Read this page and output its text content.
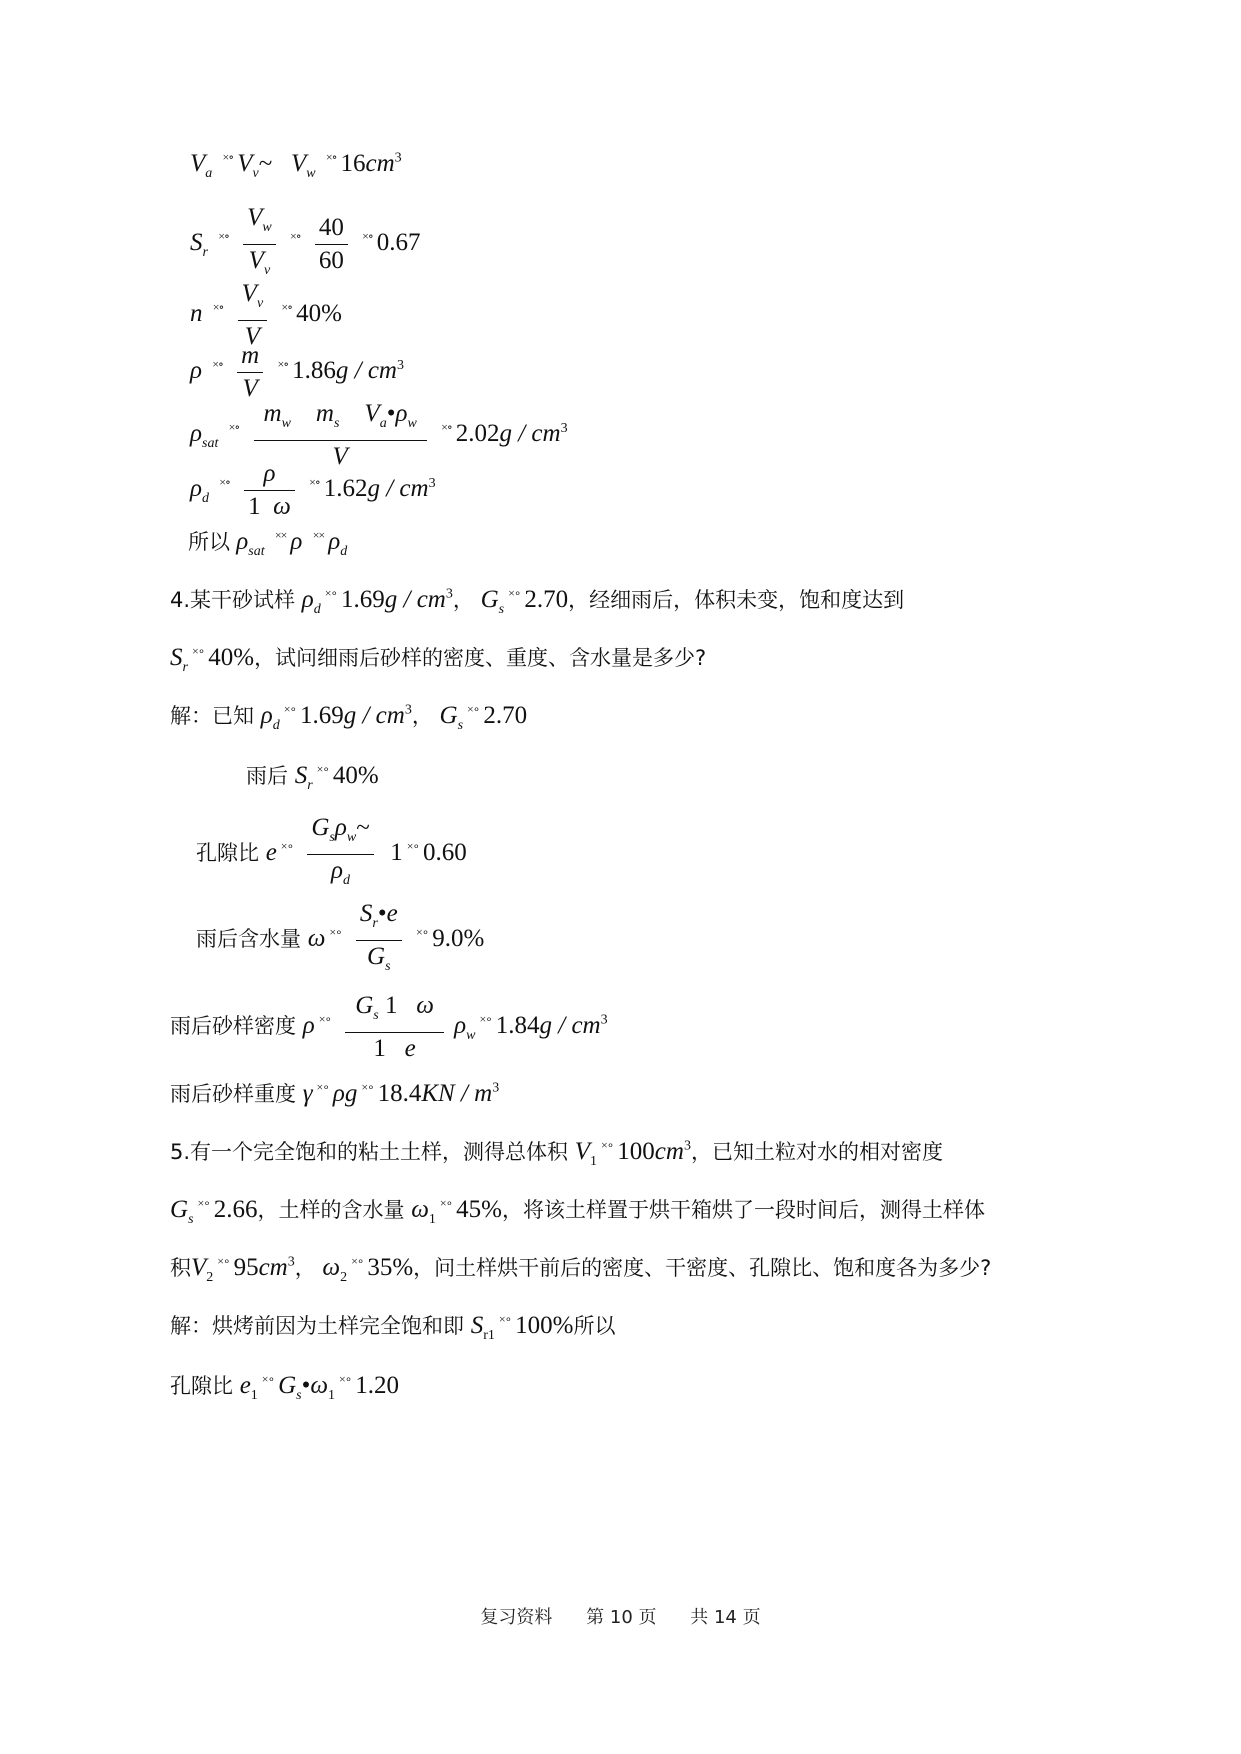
$V_a$ ×∘ $V_v\sim$   $V_w$ ×∘ $16cm^3$
$S_r$ ×∘ $\frac{V_w}{V_v}$ ×∘ $\frac{40}{60}$ ×∘ 0.67
n ×∘ $\frac{V_v}{V}$ ×∘ 40%
ρ ×∘ $\frac{m}{V}$ ×∘ $1.86g / cm^3$
$\rho_{sat}$ ×∘ $\frac{m_w m_s V_a•\rho_w}{V}$ ×∘ $2.02g / cm^3$
$\rho_d$ ×∘ $\frac{\rho}{1 \omega}$ ×∘ $1.62g / cm^3$
所以 $\rho_{sat} \times\times \rho \times\times \rho_d$
4.某干砂试样 $\rho_d\times\circ$ $1.69g / cm^3$， $G_s\times\circ$ 2.70，经细雨后，体积未变，饱和度达到
$S_r\times\circ$ 40%，试问细雨后砂样的密度、重度、含水量是多少?
解：已知 $\rho_d\times\circ$ $1.69g / cm^3$， $G_s\times\circ$ 2.70
雨后 $S_r\times\circ$ 40%
孔隙比 e ×∘ $\frac{G_s\rho_w\sim}{\rho_d} 1$ ×∘ 0.60
雨后含水量 ω ×∘ $\frac{S_r•e}{G_s}$ ×∘ 9.0%
雨后砂样密度 ρ ×∘ $\frac{G_s 1 \omega}{1 e}$ $\rho_w\times\circ$ $1.84g / cm^3$
雨后砂样重度 γ ×∘ ρg ×∘ $18.4KN / m^3$
5.有一个完全饱和的粘土土样，测得总体积 $V_1\times\circ$ $100cm^3$，已知土粒对水的相对密度
$G_s\times\circ$ 2.66，土样的含水量 $\omega_1\times\circ$ 45%，将该土样置于烘干箱烘了一段时间后，测得土样体
积$V_2\times\circ$ $95cm^3$， $\omega_2\times\circ$ 35%，问土样烘干前后的密度、干密度、孔隙比、饱和度各为多少?
解：烘烤前因为土样完全饱和即 $S_{r1}\times\circ$ 100%所以
孔隙比 $e_1\times\circ$ $G_s•\omega_1\times\circ$ 1.20
复习资料 第 10 页 共 14 页
